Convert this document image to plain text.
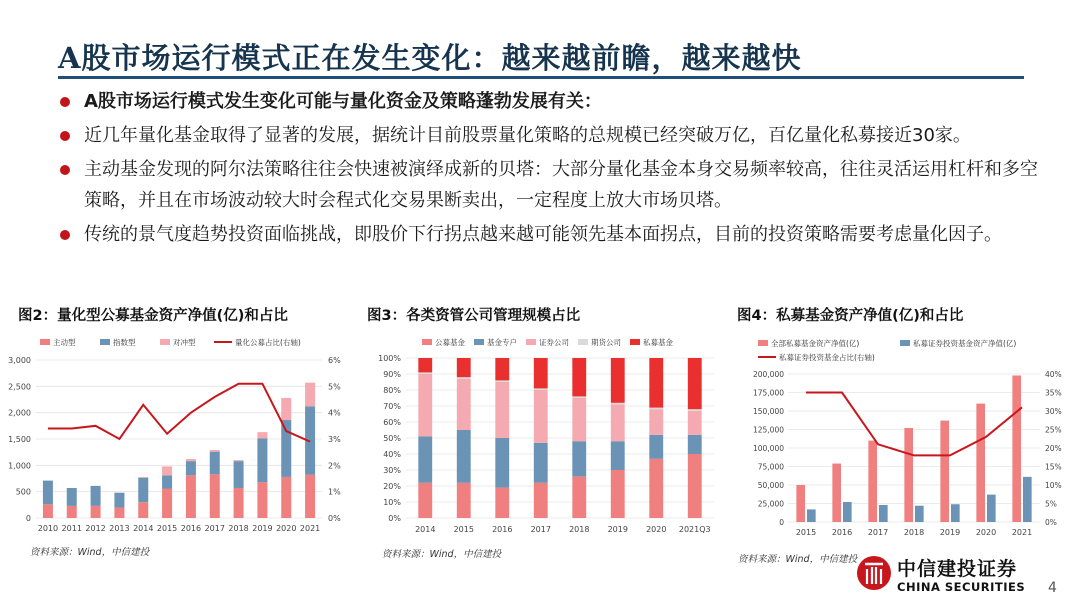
A股市场运行模式正在发生变化：越来越前瞻，越来越快
A股市场运行模式发生变化可能与量化资金及策略蓬勃发展有关：
近几年量化基金取得了显著的发展，据统计目前股票量化策略的总规模已经突破万亿，百亿量化私募接近30家。
主动基金发现的阿尔法策略往往会快速被演绎成新的贝塔：大部分量化基金本身交易频率较高，往往灵活运用杠杆和多空策略，并且在市场波动较大时会程式化交易果断卖出，一定程度上放大市场贝塔。
传统的景气度趋势投资面临挑战，即股价下行拐点越来越可能领先基本面拐点，目前的投资策略需要考虑量化因子。
图2：量化型公募基金资产净值(亿)和占比
主动型	指数型	对冲型	量化公募占比(右轴)
0
500
1,000
1,500
2,000
2,500
3,000
0%
1%
2%
3%
4%
5%
6%
2010 2011 2012 2013 2014 2015 2016 2017 2018 2019 2020 2021
资料来源：Wind，中信建投
图3：各类资管公司管理规模占比
公募基金	基金专户	证券公司	期货公司	私募基金
0%
10%
20%
30%
40%
50%
60%
70%
80%
90%
100%
2014 2015 2016 2017 2018 2019 2020 2021Q3
资料来源：Wind，中信建投
图4：私募基金资产净值(亿)和占比
全部私募基金资产净值(亿)	私募证券投资基金资产净值(亿)
私募证券投资基金占比(右轴)
0
25,000
50,000
75,000
100,000
125,000
150,000
175,000
200,000
0%
5%
10%
15%
20%
25%
30%
35%
40%
2015 2016 2017 2018 2019 2020 2021
资料来源：Wind，中信建投 中信建投证券
CHINA SECURITIES 4
